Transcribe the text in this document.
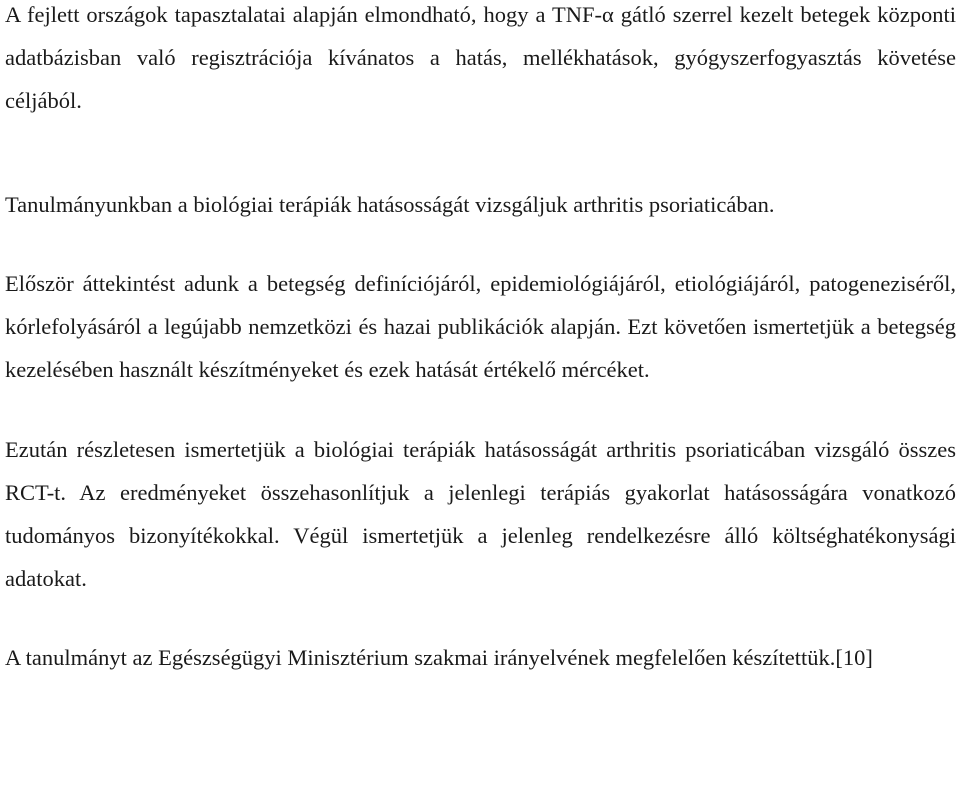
A fejlett országok tapasztalatai alapján elmondható, hogy a TNF-α gátló szerrel kezelt betegek központi adatbázisban való regisztrációja kívánatos a hatás, mellékhatások, gyógyszerfogyasztás követése céljából.

Tanulmányunkban a biológiai terápiák hatásosságát vizsgáljuk arthritis psoriaticában.

Először áttekintést adunk a betegség definíciójáról, epidemiológiájáról, etiológiájáról, patogeneziséről, kórlefolyásáról a legújabb nemzetközi és hazai publikációk alapján. Ezt követően ismertetjük a betegség kezelésében használt készítményeket és ezek hatását értékelő mércéket.

Ezután részletesen ismertetjük a biológiai terápiák hatásosságát arthritis psoriaticában vizsgáló összes RCT-t. Az eredményeket összehasonlítjuk a jelenlegi terápiás gyakorlat hatásosságára vonatkozó tudományos bizonyítékokkal. Végül ismertetjük a jelenleg rendelkezésre álló költséghatékonysági adatokat.

A tanulmányt az Egészségügyi Minisztérium szakmai irányelvének megfelelően készítettük.[10]
